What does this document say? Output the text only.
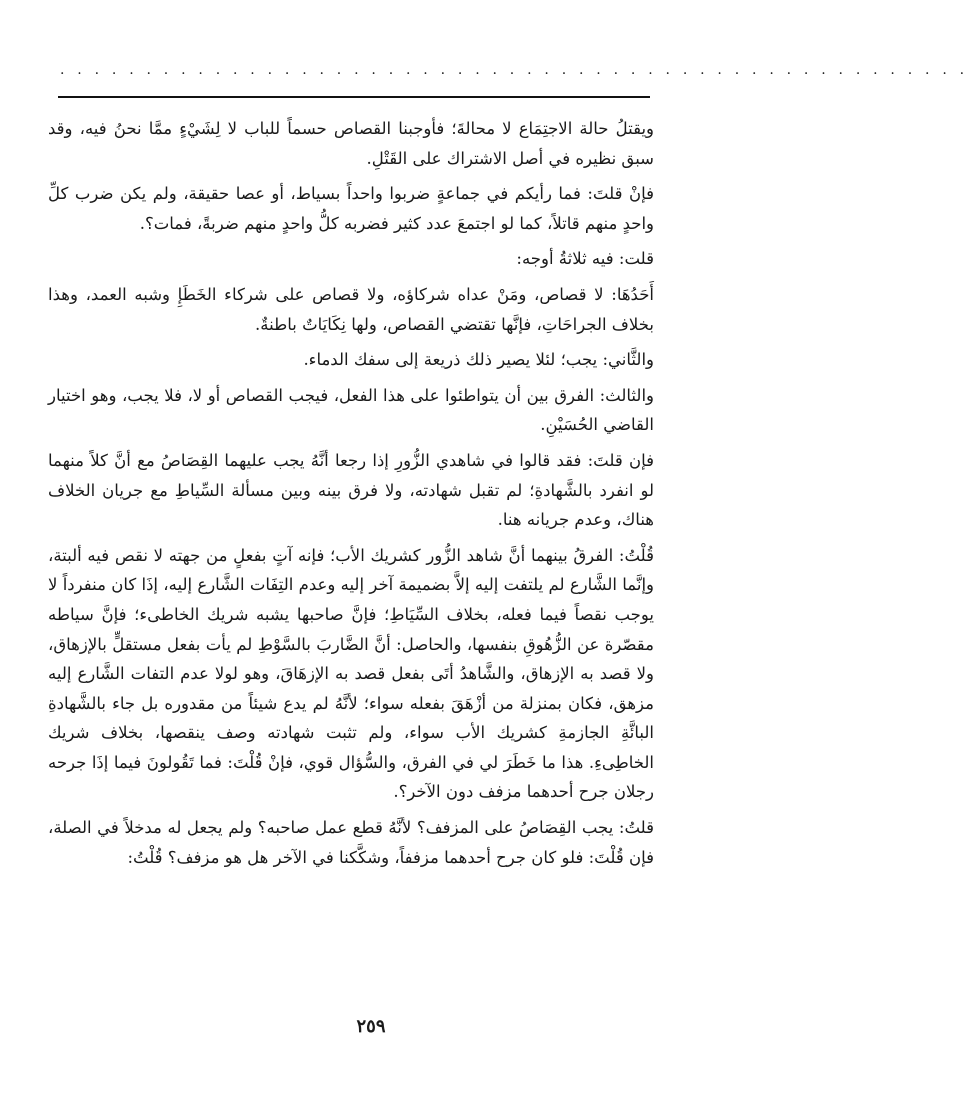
. . . . . . . . . . . . . . . . . . . . . . . . . . . . . . . . . . . . . . . . . . . . . . . . . . . . .

ويقتلُ حالة الاجتِمَاع لا محالةَ؛ فأوجبنا القصاص حسماً للباب لا لِشَيْءٍ ممَّا نحنُ فيه، وقد سبق نظيره في أصل الاشتراك على القَتْلِ.

فإنْ قلتَ: فما رأيكم في جماعةٍ ضربوا واحداً بسياط، أو عصا حقيقة، ولم يكن ضرب كلِّ واحدٍ منهم قاتلاً، كما لو اجتمعَ عدد كثير فضربه كلُّ واحدٍ منهم ضربةً، فمات؟.

قلت: فيه ثلاثةُ أوجه:

أَحَدُهَا: لا قصاص، ومَنْ عداه شركاؤه، ولا قصاص على شركاء الخَطَإِ وشبه العمد، وهذا بخلاف الجراحَاتِ، فإنَّها تقتضي القصاص، ولها نِكَايَاتٌ باطنةٌ.

والثَّاني: يجب؛ لئلا يصير ذلك ذريعة إلى سفك الدماء.

والثالث: الفرق بين أن يتواطئوا على هذا الفعل، فيجب القصاص أو لا، فلا يجب، وهو اختيار القاضي الحُسَيْنِ.

فإن قلتَ: فقد قالوا في شاهدي الزُّورِ إذا رجعا أنَّهُ يجب عليهما القِصَاصُ مع أنَّ كلاً منهما لو انفرد بالشَّهادةِ؛ لم تقبل شهادته، ولا فرق بينه وبين مسألة السِّياطِ مع جريان الخلاف هناك، وعدم جريانه هنا.

قُلْتُ: الفرقُ بينهما أنَّ شاهد الزُّور كشريك الأب؛ فإنه آتٍ بفعلٍ من جهته لا نقص فيه ألبتة، وإنَّما الشَّارع لم يلتفت إليه إلاَّ بضميمة آخر إليه وعدم التِفَات الشَّارع إليه، إذَا كان منفرداً لا يوجب نقصاً فيما فعله، بخلاف السِّيَاطِ؛ فإنَّ صاحبها يشبه شريك الخاطىء؛ فإنَّ سياطه مقصّرة عن الزُّهُوقِ بنفسها، والحاصل: أنَّ الضَّاربَ بالسَّوْطِ لم يأت بفعل مستقلٍّ بالإزهاق، ولا قصد به الإزهاق، والشَّاهدُ أتَى بفعل قصد به الإزهَاقَ، وهو لولا عدم التفات الشَّارع إليه مزهق، فكان بمنزلة من أزْهَقَ بفعله سواء؛ لأنَّهُ لم يدع شيئاً من مقدوره بل جاء بالشَّهادةِ البائَّةِ الجازمةِ كشريك الأب سواء، ولم تثبت شهادته وصف ينقصها، بخلاف شريك الخاطِىءِ. هذا ما خَطَرَ لي في الفرق، والسُّؤال قوي، فإنْ قُلْتَ: فما تَقُولونَ فيما إذَا جرحه رجلان جرح أحدهما مزفف دون الآخر؟.

قلتُ: يجب القِصَاصُ على المزفف؟ لأنَّهُ قطع عمل صاحبه؟ ولم يجعل له مدخلاً في الصلة، فإن قُلْتَ: فلو كان جرح أحدهما مزففاً، وشكَّكنا في الآخر هل هو مزفف؟ قُلْتُ:

٢٥٩
